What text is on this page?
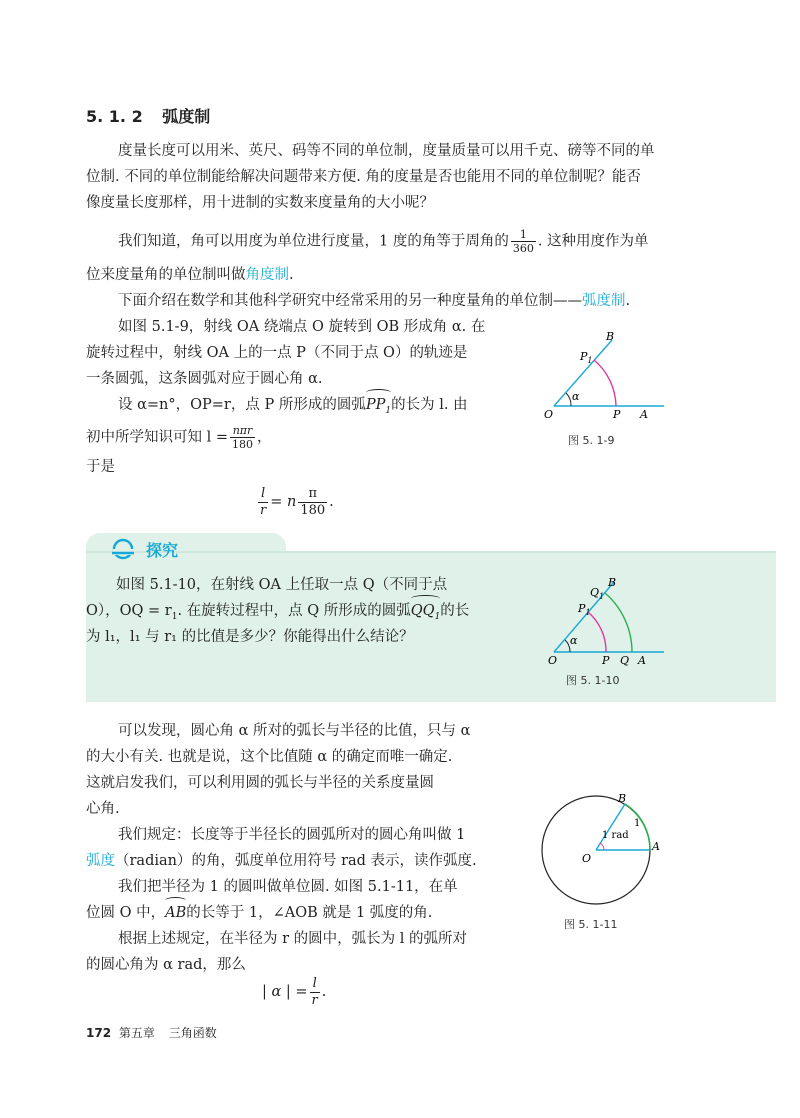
5. 1. 2 弧度制
度量长度可以用米、英尺、码等不同的单位制，度量质量可以用千克、磅等不同的单
位制. 不同的单位制能给解决问题带来方便. 角的度量是否也能用不同的单位制呢？能否
像度量长度那样，用十进制的实数来度量角的大小呢？
我们知道，角可以用度为单位进行度量，1 度的角等于周角的 $\frac{1}{360}$ . 这种用度作为单
位来度量角的单位制叫做角度制.
下面介绍在数学和其他科学研究中经常采用的另一种度量角的单位制——弧度制.
如图 5.1-9，射线 OA 绕端点 O 旋转到 OB 形成角 α. 在
旋转过程中，射线 OA 上的一点 P（不同于点 O）的轨迹是
一条圆弧，这条圆弧对应于圆心角 α.
设 α=n°，OP=r，点 P 所形成的圆弧$PP_1$的长为 l. 由
初中所学知识可知 $l = \frac{\text{nπr}}{180}$ ，
于是
$\frac{l}{r} = n \frac{\pi}{180}$ .
α
O	P A
B
$P_1$
图 5. 1-9
探究
如图 5.1-10，在射线 OA 上任取一点 Q（不同于点
O），OQ = $r_1$. 在旋转过程中，点 Q 所形成的圆弧$QQ_1$的长
为 l₁，l₁ 与 r₁ 的比值是多少？你能得出什么结论？	α
O	P Q A
B
$Q_1$
$P_1$
图 5. 1-10
可以发现，圆心角 α 所对的弧长与半径的比值，只与 α
的大小有关. 也就是说，这个比值随 α 的确定而唯一确定.
这就启发我们，可以利用圆的弧长与半径的关系度量圆
心角.
我们规定：长度等于半径长的圆弧所对的圆心角叫做 1
弧度（radian）的角，弧度单位用符号 rad 表示，读作弧度.
我们把半径为 1 的圆叫做单位圆. 如图 5.1-11，在单
位圆 O 中，AB的长等于 1，∠AOB 就是 1 弧度的角.
根据上述规定，在半径为 r 的圆中，弧长为 l 的弧所对
的圆心角为 α rad，那么
| α | = $\frac{l}{r}$ .
1 rad
1
O
A
B
图 5. 1-11
172 第五章 三角函数
